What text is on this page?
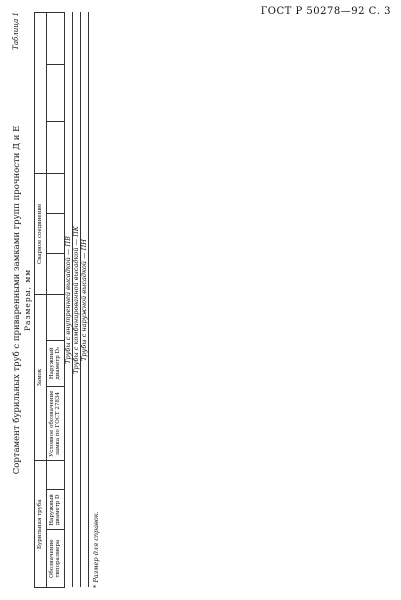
ГОСТ Р 50278—92 С. 3
Таблица 1

Сортамент бурильных труб с приваренными замками групп прочности Д и Е Размеры, мм

Бурильная труба			Замок			Сварное соединение					
Обозначение типоразмера	Наружный диаметр D		Условное обозначение замка по ГОСТ 27834	Наружный диаметр D₃							
Трубы с внутренней высадкой — ПВ											
Трубы с комбинированной высадкой — ПК											
Трубы с наружной высадкой — ПН											
* Размер для справок.
